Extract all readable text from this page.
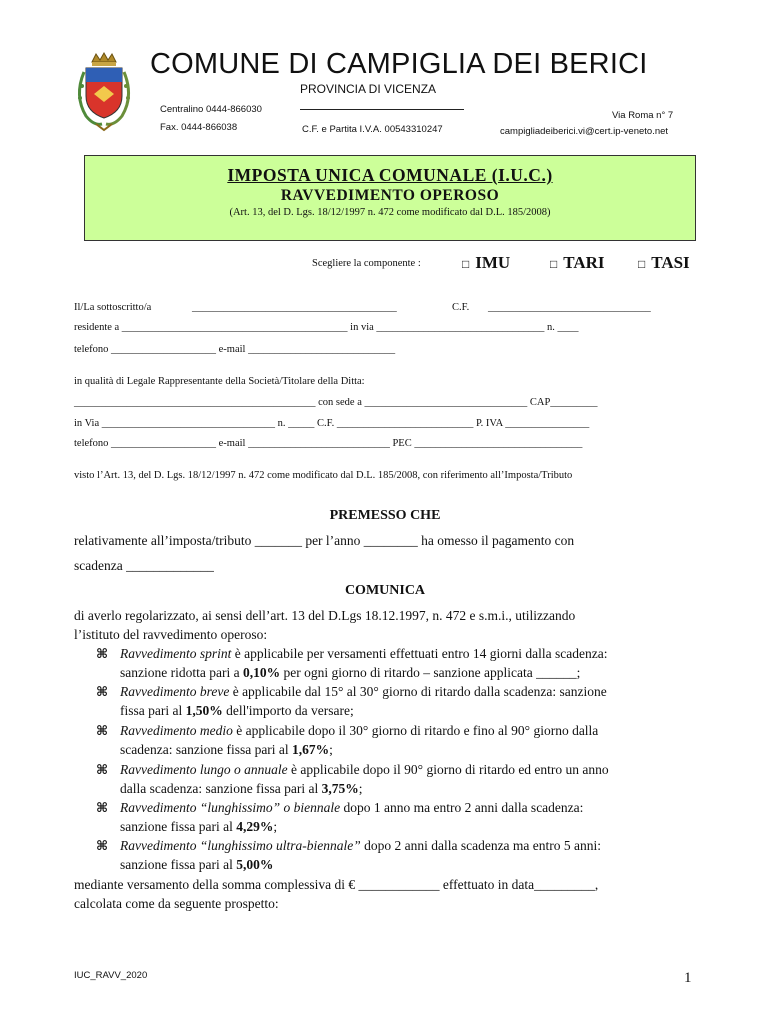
COMUNE DI CAMPIGLIA DEI BERICI
PROVINCIA DI VICENZA
Centralino 0444-866030
Fax. 0444-866038	C.F. e Partita I.V.A. 00543310247
Via Roma n° 7
campigliadeiberici.vi@cert.ip-veneto.net
IMPOSTA UNICA COMUNALE (I.U.C.)
RAVVEDIMENTO OPEROSO
(Art. 13, del D. Lgs. 18/12/1997 n. 472 come modificato dal D.L. 185/2008)
Scegliere la componente :	□ IMU	□ TARI	□ TASI
Il/La sottoscritto/a	_______________________________________	C.F. _______________________________
residente a ___________________________________________ in via ________________________________ n. ____
telefono ____________________ e-mail ____________________________
in qualità di Legale Rappresentante della Società/Titolare della Ditta:
______________________________________________ con sede a _______________________________ CAP_________
in Via _________________________________ n. _____ C.F. __________________________ P. IVA ________________
telefono ____________________ e-mail ___________________________ PEC ________________________________
visto l’Art. 13, del D. Lgs. 18/12/1997 n. 472 come modificato dal D.L. 185/2008, con riferimento all’Imposta/Tributo
PREMESSO CHE
relativamente all’imposta/tributo _______ per l’anno ________ ha omesso il pagamento con
scadenza _____________
COMUNICA
di averlo regolarizzato, ai sensi dell’art. 13 del D.Lgs 18.12.1997, n. 472 e s.m.i., utilizzando
l’istituto del ravvedimento operoso:
⌘ Ravvedimento sprint è applicabile per versamenti effettuati entro 14 giorni dalla scadenza:
sanzione ridotta pari a 0,10% per ogni giorno di ritardo – sanzione applicata ______;
⌘ Ravvedimento breve è applicabile dal 15° al 30° giorno di ritardo dalla scadenza: sanzione
fissa pari al 1,50% dell'importo da versare;
⌘ Ravvedimento medio è applicabile dopo il 30° giorno di ritardo e fino al 90° giorno dalla
scadenza: sanzione fissa pari al 1,67%;
⌘ Ravvedimento lungo o annuale è applicabile dopo il 90° giorno di ritardo ed entro un anno
dalla scadenza: sanzione fissa pari al 3,75%;
⌘ Ravvedimento “lunghissimo” o biennale dopo 1 anno ma entro 2 anni dalla scadenza:
sanzione fissa pari al 4,29%;
⌘ Ravvedimento “lunghissimo ultra-biennale” dopo 2 anni dalla scadenza ma entro 5 anni:
sanzione fissa pari al 5,00%
mediante versamento della somma complessiva di € ____________ effettuato in data_________,
calcolata come da seguente prospetto:
IUC_RAVV_2020	1
